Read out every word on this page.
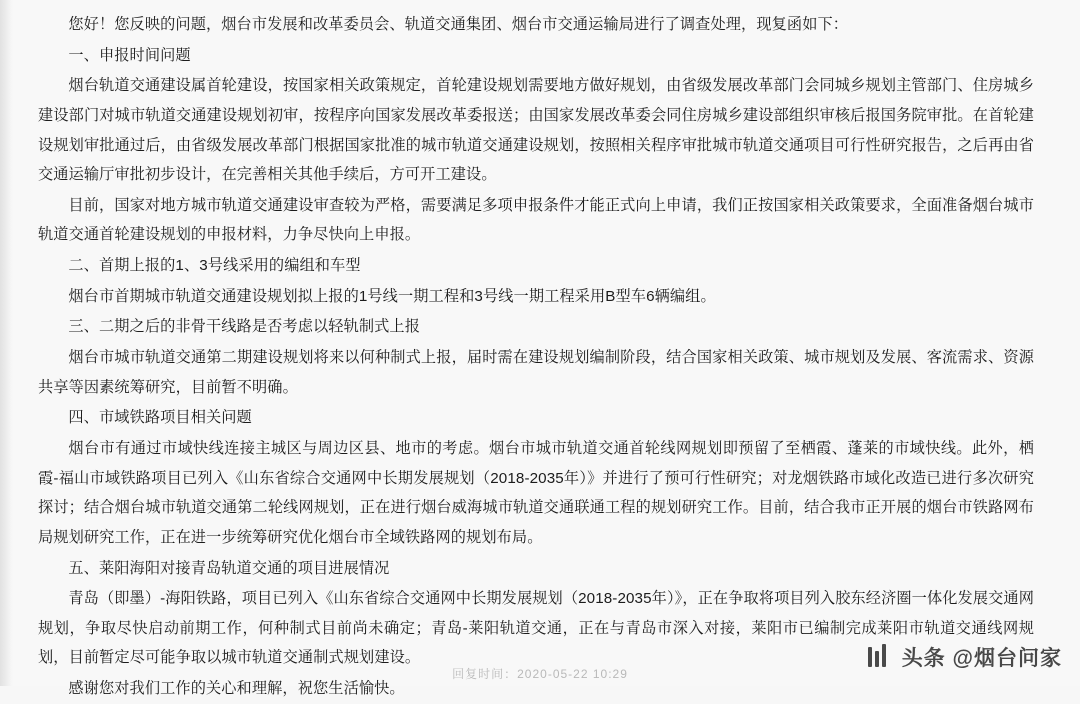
您好！您反映的问题，烟台市发展和改革委员会、轨道交通集团、烟台市交通运输局进行了调查处理，现复函如下：

一、申报时间问题

烟台轨道交通建设属首轮建设，按国家相关政策规定，首轮建设规划需要地方做好规划，由省级发展改革部门会同城乡规划主管部门、住房城乡建设部门对城市轨道交通建设规划初审，按程序向国家发展改革委报送；由国家发展改革委会同住房城乡建设部组织审核后报国务院审批。在首轮建设规划审批通过后，由省级发展改革部门根据国家批准的城市轨道交通建设规划，按照相关程序审批城市轨道交通项目可行性研究报告，之后再由省交通运输厅审批初步设计，在完善相关其他手续后，方可开工建设。

目前，国家对地方城市轨道交通建设审查较为严格，需要满足多项申报条件才能正式向上申请，我们正按国家相关政策要求，全面准备烟台城市轨道交通首轮建设规划的申报材料，力争尽快向上申报。

二、首期上报的1、3号线采用的编组和车型

烟台市首期城市轨道交通建设规划拟上报的1号线一期工程和3号线一期工程采用B型车6辆编组。

三、二期之后的非骨干线路是否考虑以轻轨制式上报

烟台市城市轨道交通第二期建设规划将来以何种制式上报，届时需在建设规划编制阶段，结合国家相关政策、城市规划及发展、客流需求、资源共享等因素统筹研究，目前暂不明确。

四、市域铁路项目相关问题

烟台市有通过市域快线连接主城区与周边区县、地市的考虑。烟台市城市轨道交通首轮线网规划即预留了至栖霞、蓬莱的市域快线。此外，栖霞-福山市域铁路项目已列入《山东省综合交通网中长期发展规划（2018-2035年）》并进行了预可行性研究；对龙烟铁路市域化改造已进行多次研究探讨；结合烟台城市轨道交通第二轮线网规划，正在进行烟台威海城市轨道交通联通工程的规划研究工作。目前，结合我市正开展的烟台市铁路网布局规划研究工作，正在进一步统筹研究优化烟台市全域铁路网的规划布局。

五、莱阳海阳对接青岛轨道交通的项目进展情况

青岛（即墨）-海阳铁路，项目已列入《山东省综合交通网中长期发展规划（2018-2035年）》，正在争取将项目列入胶东经济圈一体化发展交通网规划，争取尽快启动前期工作，何种制式目前尚未确定；青岛-莱阳轨道交通，正在与青岛市深入对接，莱阳市已编制完成莱阳市轨道交通线网规划，目前暂定尽可能争取以城市轨道交通制式规划建设。

感谢您对我们工作的关心和理解，祝您生活愉快。

头条 @烟台问家
回复时间：2020-05-22 10:29
